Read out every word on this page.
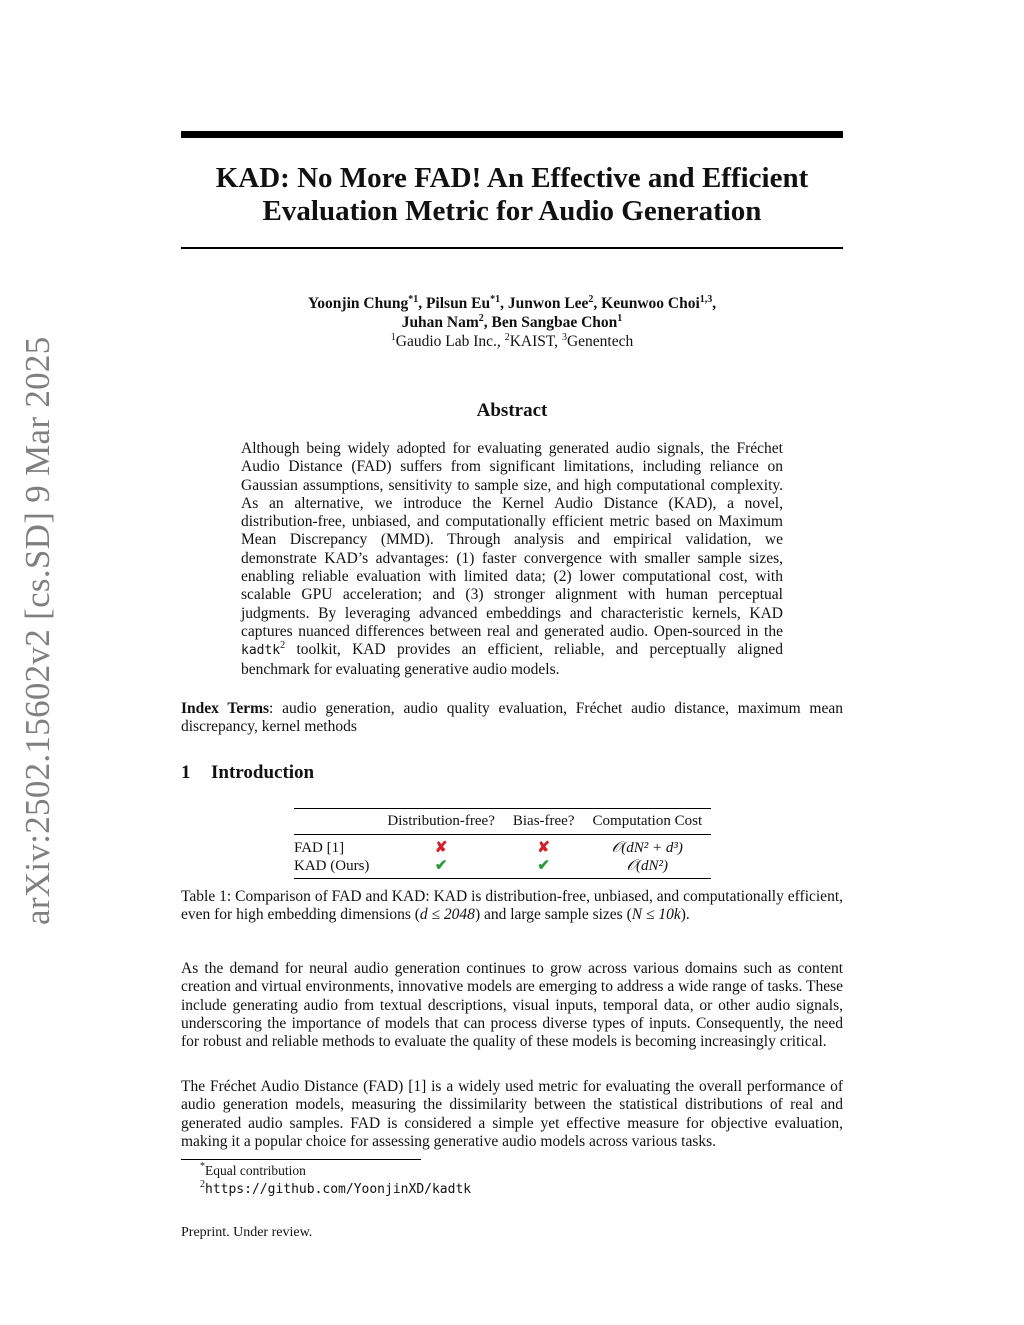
arXiv:2502.15602v2 [cs.SD] 9 Mar 2025
KAD: No More FAD! An Effective and Efficient
Evaluation Metric for Audio Generation
Yoonjin Chung$^{*1}$, Pilsun Eu$^{*1}$, Junwon Lee$^2$, Keunwoo Choi$^{1,3}$,
Juhan Nam$^2$, Ben Sangbae Chon$^1$
$^1$Gaudio Lab Inc., $^2$KAIST, $^3$Genentech
Abstract
Although being widely adopted for evaluating generated audio signals, the Fréchet Audio Distance (FAD) suffers from significant limitations, including reliance on Gaussian assumptions, sensitivity to sample size, and high computational complexity. As an alternative, we introduce the Kernel Audio Distance (KAD), a novel, distribution-free, unbiased, and computationally efficient metric based on Maximum Mean Discrepancy (MMD). Through analysis and empirical validation, we demonstrate KAD’s advantages: (1) faster convergence with smaller sample sizes, enabling reliable evaluation with limited data; (2) lower computational cost, with scalable GPU acceleration; and (3) stronger alignment with human perceptual judgments. By leveraging advanced embeddings and characteristic kernels, KAD captures nuanced differences between real and generated audio. Open-sourced in the kadtk$^2$ toolkit, KAD provides an efficient, reliable, and perceptually aligned benchmark for evaluating generative audio models.
Index Terms: audio generation, audio quality evaluation, Fréchet audio distance, maximum mean discrepancy, kernel methods
1 Introduction
	Distribution-free?	Bias-free?	Computation Cost
FAD [1]	✘	✘	𝒪(dN² + d³)
KAD (Ours)	✔	✔	𝒪(dN²)
Table 1: Comparison of FAD and KAD: KAD is distribution-free, unbiased, and computationally efficient, even for high embedding dimensions (d ≤ 2048) and large sample sizes (N ≤ 10k).
As the demand for neural audio generation continues to grow across various domains such as content creation and virtual environments, innovative models are emerging to address a wide range of tasks. These include generating audio from textual descriptions, visual inputs, temporal data, or other audio signals, underscoring the importance of models that can process diverse types of inputs. Consequently, the need for robust and reliable methods to evaluate the quality of these models is becoming increasingly critical.
The Fréchet Audio Distance (FAD) [1] is a widely used metric for evaluating the overall performance of audio generation models, measuring the dissimilarity between the statistical distributions of real and generated audio samples. FAD is considered a simple yet effective measure for objective evaluation, making it a popular choice for assessing generative audio models across various tasks.
*Equal contribution
$^2$https://github.com/YoonjinXD/kadtk
Preprint. Under review.
